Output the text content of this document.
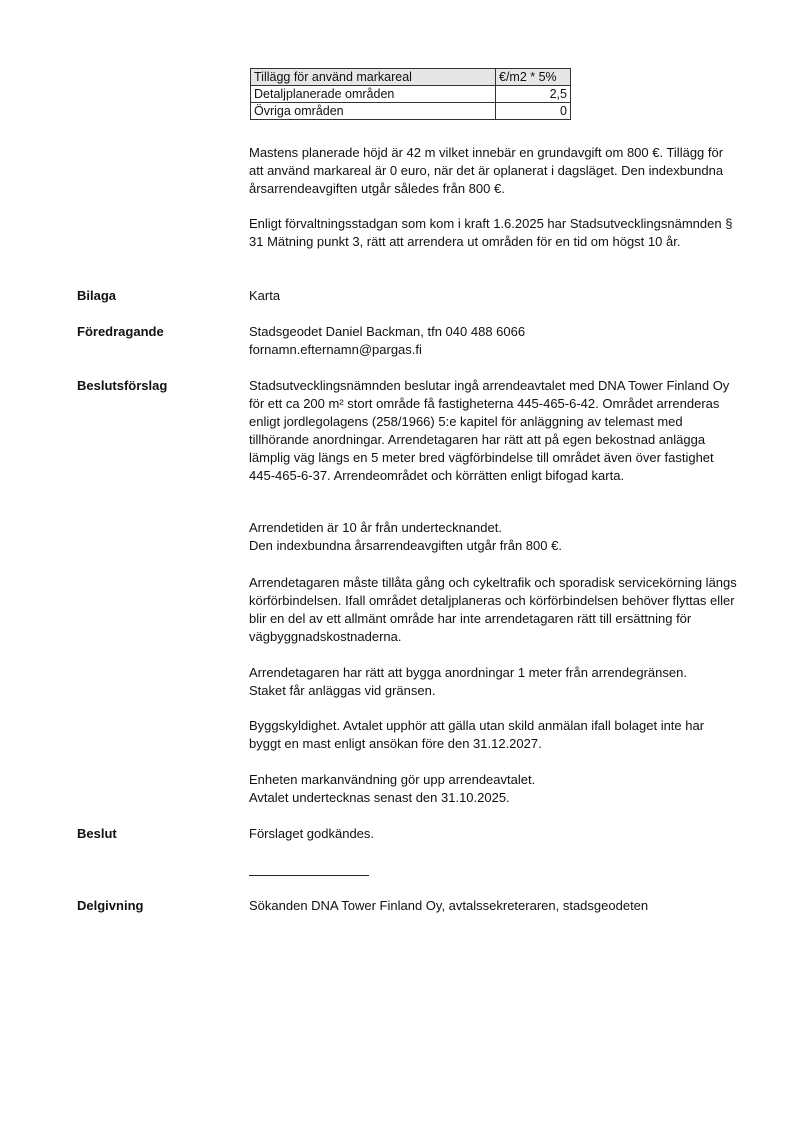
Tillägg för använd markareal	€/m2 * 5%
Detaljplanerade områden	2,5
Övriga områden	0

Mastens planerade höjd är 42 m vilket innebär en grundavgift om 800 €. Tillägg för att använd markareal är 0 euro, när det är oplanerat i dagsläget. Den indexbundna årsarrendeavgiften utgår således från 800 €.

Enligt förvaltningsstadgan som kom i kraft 1.6.2025 har Stadsutvecklingsnämnden § 31 Mätning punkt 3, rätt att arrendera ut områden för en tid om högst 10 år.

Bilaga	Karta
Föredragande	Stadsgeodet Daniel Backman, tfn 040 488 6066

fornamn.efternamn@pargas.fi

Beslutsförslag	Stadsutvecklingsnämnden beslutar ingå arrendeavtalet med DNA Tower Finland Oy för ett ca 200 m² stort område få fastigheterna 445-465-6-42. Området arrenderas enligt jordlegolagens (258/1966) 5:e kapitel för anläggning av telemast med tillhörande anordningar. Arrendetagaren har rätt att på egen bekostnad anlägga lämplig väg längs en 5 meter bred vägförbindelse till området även över fastighet 445-465-6-37. Arrendeområdet och körrätten enligt bifogad karta.

Arrendetiden är 10 år från undertecknandet.

Den indexbundna årsarrendeavgiften utgår från 800 €.

Arrendetagaren måste tillåta gång och cykeltrafik och sporadisk servicekörning längs körförbindelsen. Ifall området detaljplaneras och körförbindelsen behöver flyttas eller blir en del av ett allmänt område har inte arrendetagaren rätt till ersättning för vägbyggnadskostnaderna.

Arrendetagaren har rätt att bygga anordningar 1 meter från arrendegränsen.

Staket får anläggas vid gränsen.

Byggskyldighet. Avtalet upphör att gälla utan skild anmälan ifall bolaget inte har byggt en mast enligt ansökan före den 31.12.2027.

Enheten markanvändning gör upp arrendeavtalet.

Avtalet undertecknas senast den 31.10.2025.

Beslut	Förslaget godkändes.
Delgivning	Sökanden DNA Tower Finland Oy, avtalssekreteraren, stadsgeodeten
